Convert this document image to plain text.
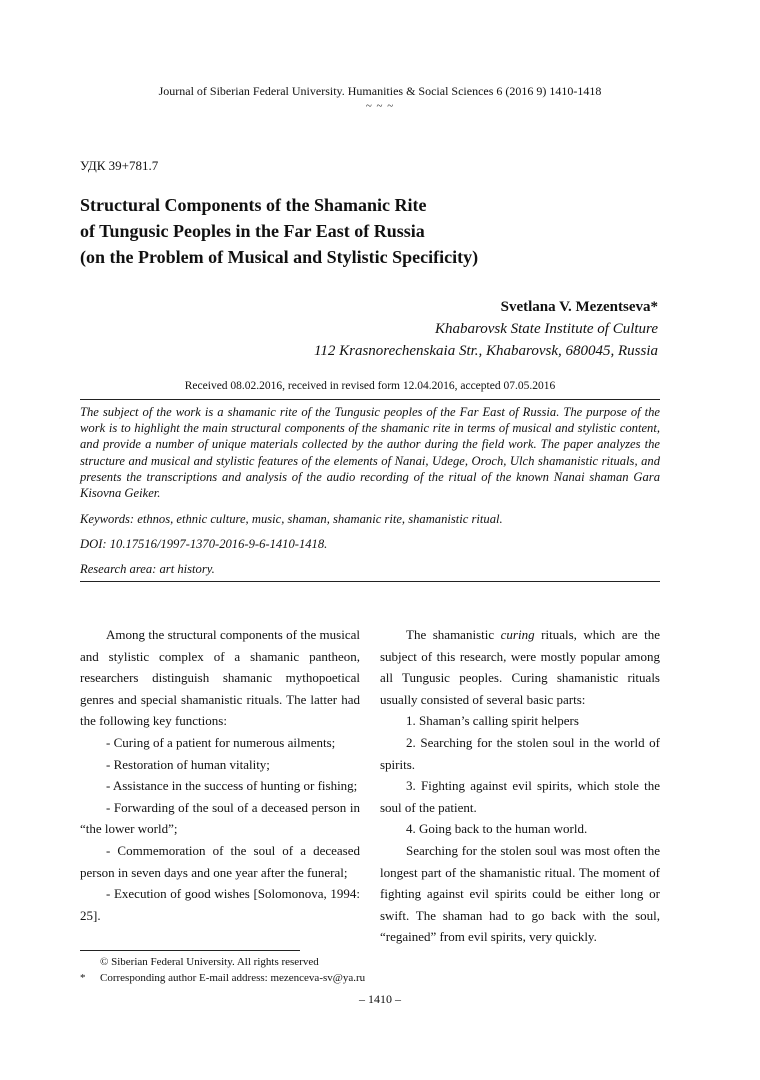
Journal of Siberian Federal University. Humanities & Social Sciences 6 (2016 9) 1410-1418
~ ~ ~
УДК 39+781.7
Structural Components of the Shamanic Rite
of Tungusic Peoples in the Far East of Russia
(on the Problem of Musical and Stylistic Specificity)
Svetlana V. Mezentseva*
Khabarovsk State Institute of Culture
112 Krasnorechenskaia Str., Khabarovsk, 680045, Russia
Received 08.02.2016, received in revised form 12.04.2016, accepted 07.05.2016
The subject of the work is a shamanic rite of the Tungusic peoples of the Far East of Russia. The purpose of the work is to highlight the main structural components of the shamanic rite in terms of musical and stylistic content, and provide a number of unique materials collected by the author during the field work. The paper analyzes the structure and musical and stylistic features of the elements of Nanai, Udege, Oroch, Ulch shamanistic rituals, and presents the transcriptions and analysis of the audio recording of the ritual of the known Nanai shaman Gara Kisovna Geiker.
Keywords: ethnos, ethnic culture, music, shaman, shamanic rite, shamanistic ritual.
DOI: 10.17516/1997-1370-2016-9-6-1410-1418.
Research area: art history.

Among the structural components of the musical and stylistic complex of a shamanic pantheon, researchers distinguish shamanic mythopoetical genres and special shamanistic rituals. The latter had the following key functions:

- Curing of a patient for numerous ailments;

- Restoration of human vitality;

- Assistance in the success of hunting or fishing;

- Forwarding of the soul of a deceased person in “the lower world”;

- Commemoration of the soul of a deceased person in seven days and one year after the funeral;

- Execution of good wishes [Solomonova, 1994: 25].

The shamanistic curing rituals, which are the subject of this research, were mostly popular among all Tungusic peoples. Curing shamanistic rituals usually consisted of several basic parts:

1. Shaman’s calling spirit helpers

2. Searching for the stolen soul in the world of spirits.

3. Fighting against evil spirits, which stole the soul of the patient.

4. Going back to the human world.

Searching for the stolen soul was most often the longest part of the shamanistic ritual. The moment of fighting against evil spirits could be either long or swift. The shaman had to go back with the soul, “regained” from evil spirits, very quickly.

© Siberian Federal University. All rights reserved
* Corresponding author E-mail address: mezenceva-sv@ya.ru
– 1410 –
